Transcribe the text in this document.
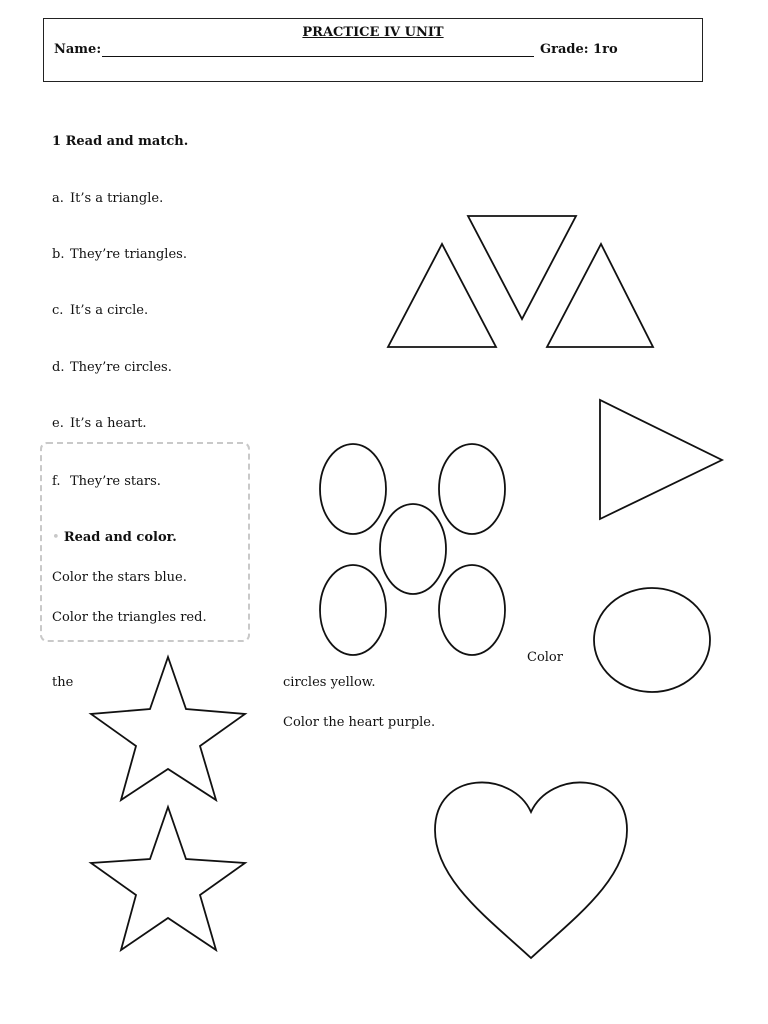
PRACTICE IV UNIT
Name:	Grade: 1ro
1 Read and match.
a. It’s a triangle.
b. They’re triangles.
c. It’s a circle.
d. They’re circles.
e. It’s a heart.
f. They’re stars.
• Read and color.
Color the stars blue.
Color the triangles red.
Color
the	circles yellow.
Color the heart purple.
